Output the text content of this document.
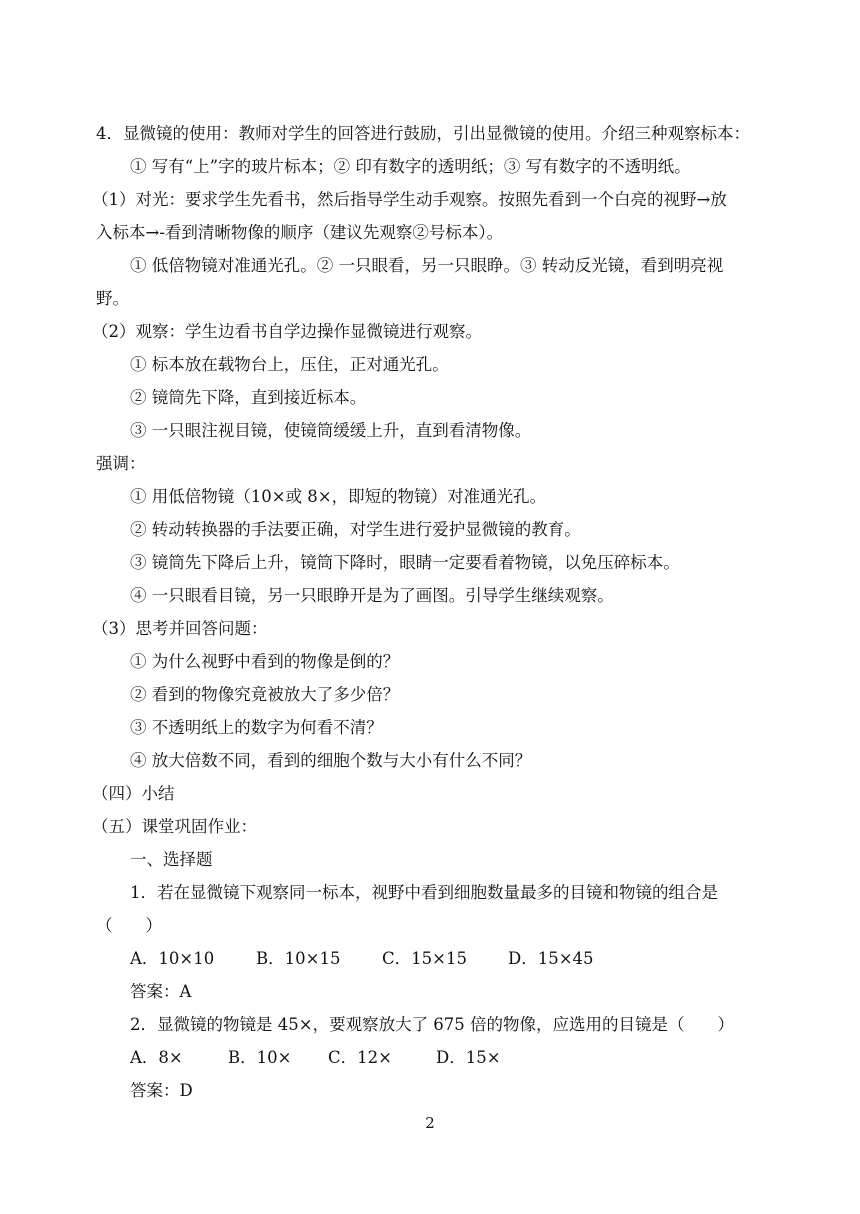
4．显微镜的使用：教师对学生的回答进行鼓励，引出显微镜的使用。介绍三种观察标本：
① 写有“上”字的玻片标本；② 印有数字的透明纸；③ 写有数字的不透明纸。
（1）对光：要求学生先看书，然后指导学生动手观察。按照先看到一个白亮的视野→放
入标本→-看到清晰物像的顺序（建议先观察②号标本）。
① 低倍物镜对准通光孔。② 一只眼看，另一只眼睁。③ 转动反光镜，看到明亮视
野。
（2）观察：学生边看书自学边操作显微镜进行观察。
① 标本放在载物台上，压住，正对通光孔。
② 镜筒先下降，直到接近标本。
③ 一只眼注视目镜，使镜筒缓缓上升，直到看清物像。
强调：
① 用低倍物镜（10×或 8×，即短的物镜）对准通光孔。
② 转动转换器的手法要正确，对学生进行爱护显微镜的教育。
③ 镜筒先下降后上升，镜筒下降时，眼睛一定要看着物镜，以免压碎标本。
④ 一只眼看目镜，另一只眼睁开是为了画图。引导学生继续观察。
（3）思考并回答问题：
① 为什么视野中看到的物像是倒的？
② 看到的物像究竟被放大了多少倍？
③ 不透明纸上的数字为何看不清？
④ 放大倍数不同，看到的细胞个数与大小有什么不同？
（四）小结
（五）课堂巩固作业：
一、选择题
1．若在显微镜下观察同一标本，视野中看到细胞数量最多的目镜和物镜的组合是
（　　）
A．10×10	B．10×15	C．15×15 D．15×45
答案：A
2．显微镜的物镜是 45×，要观察放大了 675 倍的物像，应选用的目镜是（　　）
A．8×	B．10× C．12×	D．15×
答案：D
2
